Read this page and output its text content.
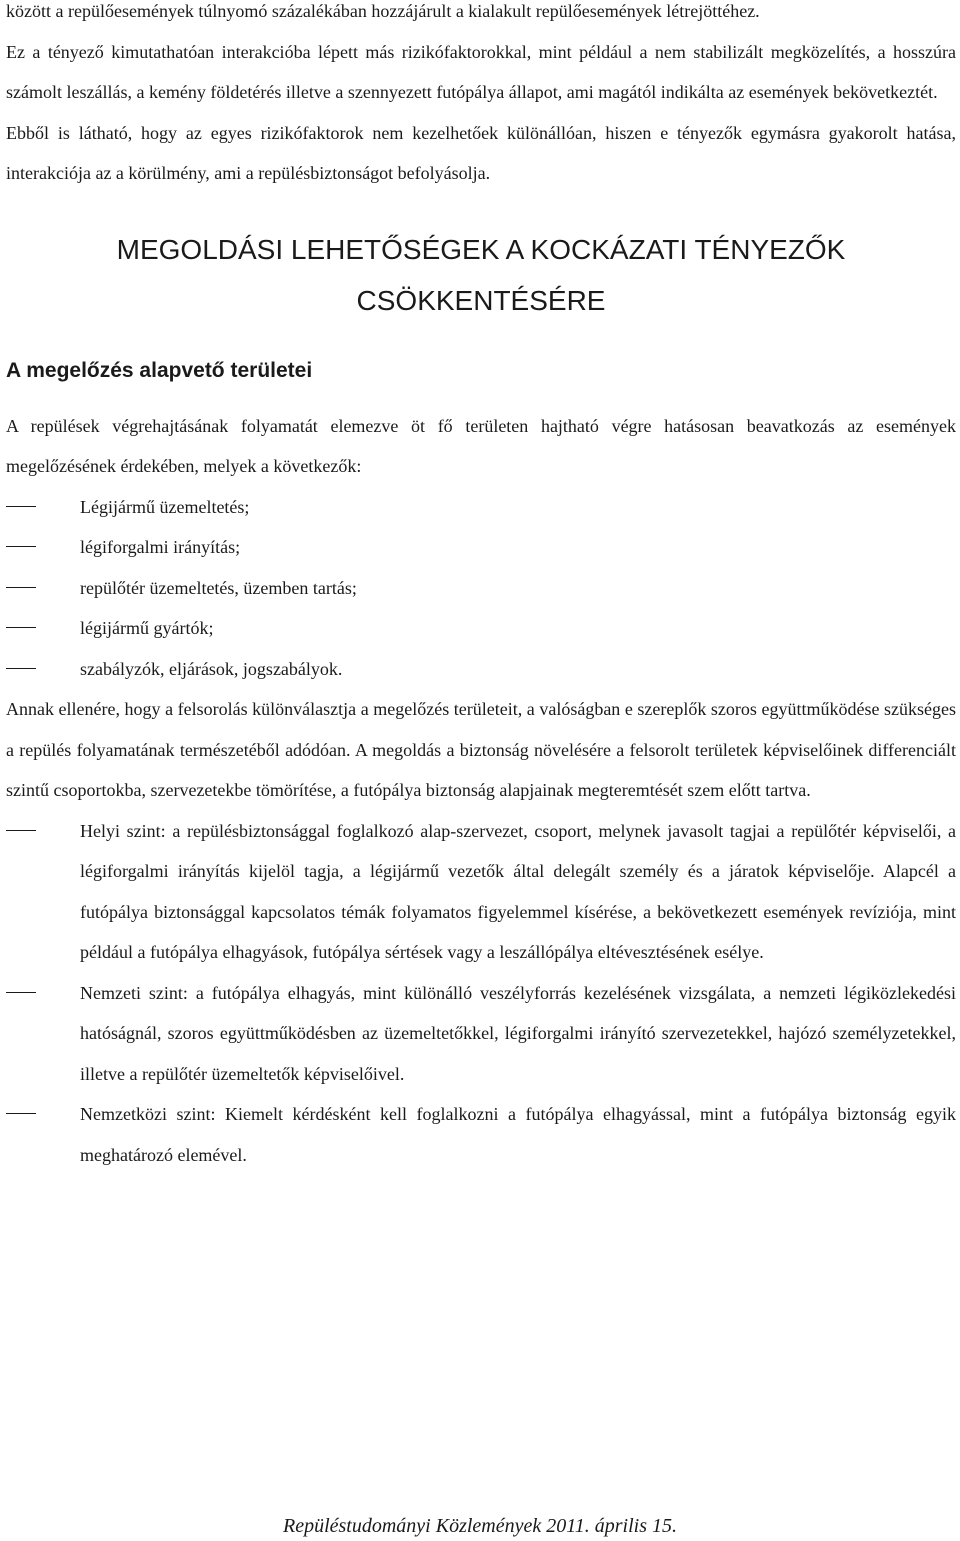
között a repülőesemények túlnyomó százalékában hozzájárult a kialakult repülőesemények létrejöttéhez.

Ez a tényező kimutathatóan interakcióba lépett más rizikófaktorokkal, mint például a nem stabilizált megközelítés, a hosszúra számolt leszállás, a kemény földetérés illetve a szennyezett futópálya állapot, ami magától indikálta az események bekövetkeztét.

Ebből is látható, hogy az egyes rizikófaktorok nem kezelhetőek különállóan, hiszen e tényezők egymásra gyakorolt hatása, interakciója az a körülmény, ami a repülésbiztonságot befolyásolja.

MEGOLDÁSI LEHETŐSÉGEK A KOCKÁZATI TÉNYEZŐK

CSÖKKENTÉSÉRE

A megelőzés alapvető területei

A repülések végrehajtásának folyamatát elemezve öt fő területen hajtható végre hatásosan beavatkozás az események megelőzésének érdekében, melyek a következők:

Légijármű üzemeltetés;
légiforgalmi irányítás;
repülőtér üzemeltetés, üzemben tartás;
légijármű gyártók;
szabályzók, eljárások, jogszabályok.

Annak ellenére, hogy a felsorolás különválasztja a megelőzés területeit, a valóságban e szereplők szoros együttműködése szükséges a repülés folyamatának természetéből adódóan. A megoldás a biztonság növelésére a felsorolt területek képviselőinek differenciált szintű csoportokba, szervezetekbe tömörítése, a futópálya biztonság alapjainak megteremtését szem előtt tartva.

Helyi szint: a repülésbiztonsággal foglalkozó alap-szervezet, csoport, melynek javasolt tagjai a repülőtér képviselői, a légiforgalmi irányítás kijelöl tagja, a légijármű vezetők által delegált személy és a járatok képviselője. Alapcél a futópálya biztonsággal kapcsolatos témák folyamatos figyelemmel kísérése, a bekövetkezett események revíziója, mint például a futópálya elhagyások, futópálya sértések vagy a leszállópálya eltévesztésének esélye.
Nemzeti szint: a futópálya elhagyás, mint különálló veszélyforrás kezelésének vizsgálata, a nemzeti légiközlekedési hatóságnál, szoros együttműködésben az üzemeltetőkkel, légiforgalmi irányító szervezetekkel, hajózó személyzetekkel, illetve a repülőtér üzemeltetők képviselőivel.
Nemzetközi szint: Kiemelt kérdésként kell foglalkozni a futópálya elhagyással, mint a futópálya biztonság egyik meghatározó elemével.
Repüléstudományi Közlemények 2011. április 15.
